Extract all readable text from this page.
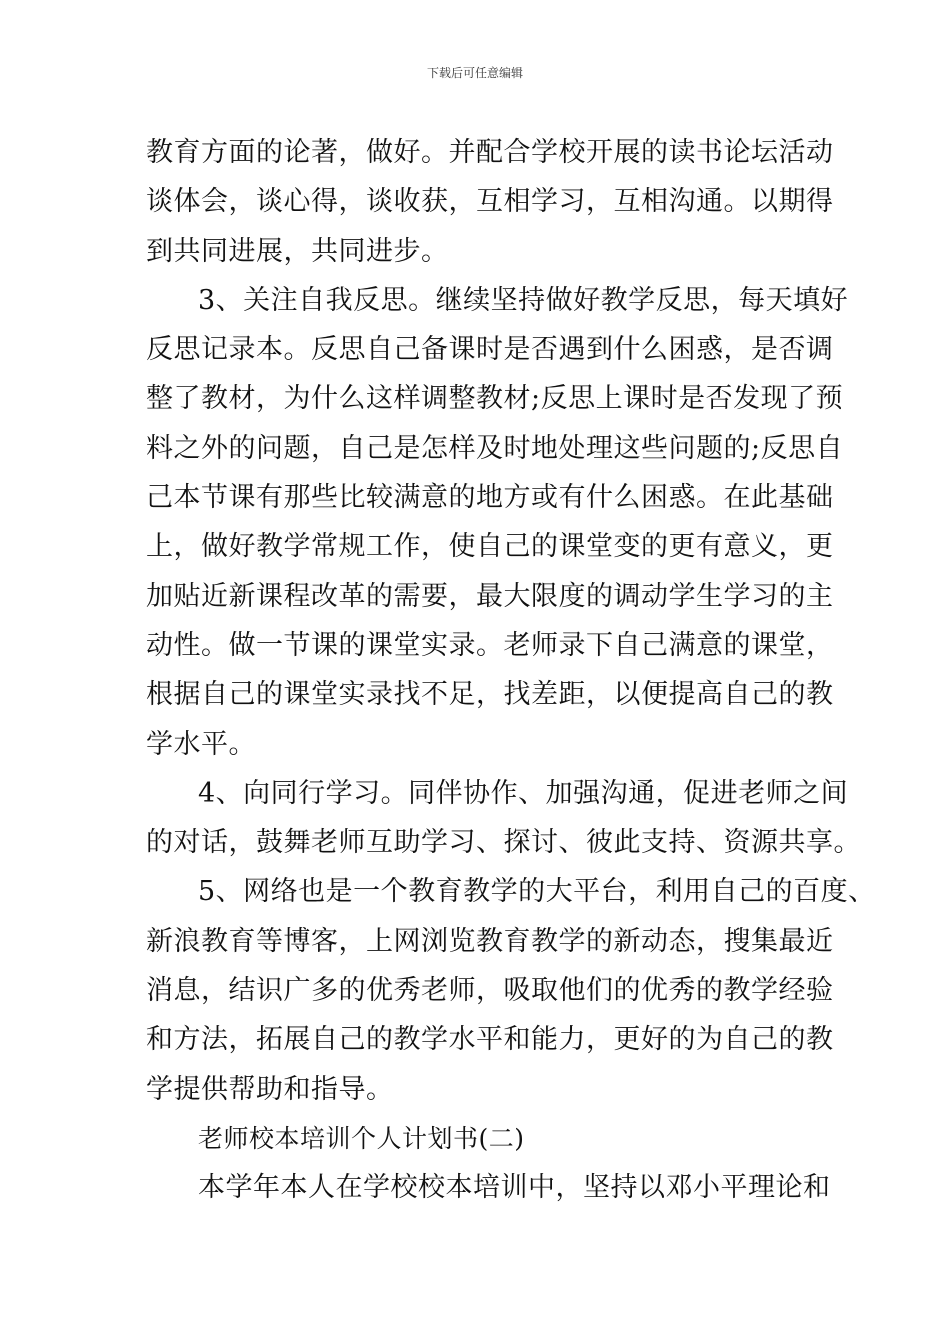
下载后可任意编辑
教育方面的论著，做好。并配合学校开展的读书论坛活动
谈体会，谈心得，谈收获，互相学习，互相沟通。以期得
到共同进展，共同进步。
3、关注自我反思。继续坚持做好教学反思，每天填好
反思记录本。反思自己备课时是否遇到什么困惑，是否调
整了教材，为什么这样调整教材;反思上课时是否发现了预
料之外的问题，自己是怎样及时地处理这些问题的;反思自
己本节课有那些比较满意的地方或有什么困惑。在此基础
上，做好教学常规工作，使自己的课堂变的更有意义，更
加贴近新课程改革的需要，最大限度的调动学生学习的主
动性。做一节课的课堂实录。老师录下自己满意的课堂，
根据自己的课堂实录找不足，找差距，以便提高自己的教
学水平。
4、向同行学习。同伴协作、加强沟通，促进老师之间
的对话，鼓舞老师互助学习、探讨、彼此支持、资源共享。
5、网络也是一个教育教学的大平台，利用自己的百度、
新浪教育等博客，上网浏览教育教学的新动态，搜集最近
消息，结识广多的优秀老师，吸取他们的优秀的教学经验
和方法，拓展自己的教学水平和能力，更好的为自己的教
学提供帮助和指导。
老师校本培训个人计划书(二)
本学年本人在学校校本培训中，坚持以邓小平理论和
